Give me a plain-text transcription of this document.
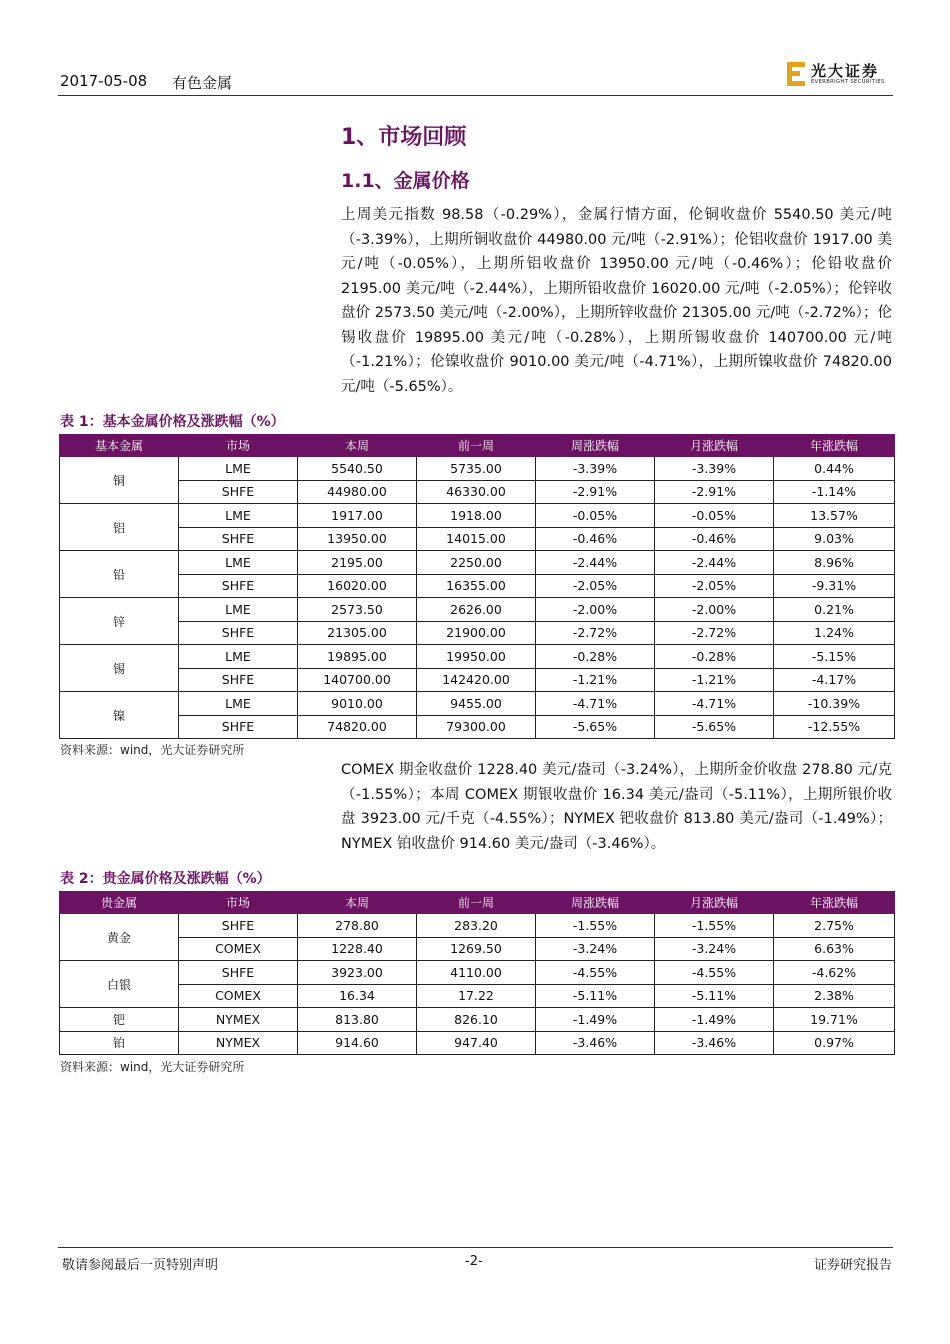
2017-05-08 有色金属
光大证券
EVERBRIGHT SECURITIES
1、市场回顾
1.1、金属价格
上周美元指数 98.58（-0.29%），金属行情方面，伦铜收盘价 5540.50 美元/吨（-3.39%），上期所铜收盘价 44980.00 元/吨（-2.91%）；伦铝收盘价 1917.00 美元/吨（-0.05%），上期所铝收盘价 13950.00 元/吨（-0.46%）；伦铅收盘价 2195.00 美元/吨（-2.44%），上期所铅收盘价 16020.00 元/吨（-2.05%）；伦锌收盘价 2573.50 美元/吨（-2.00%），上期所锌收盘价 21305.00 元/吨（-2.72%）；伦锡收盘价 19895.00 美元/吨（-0.28%），上期所锡收盘价 140700.00 元/吨（-1.21%）；伦镍收盘价 9010.00 美元/吨（-4.71%），上期所镍收盘价 74820.00 元/吨（-5.65%）。
表 1：基本金属价格及涨跌幅（%）
基本金属	市场	本周	前一周	周涨跌幅	月涨跌幅	年涨跌幅
铜	LME	5540.50	5735.00	-3.39%	-3.39%	0.44%
	SHFE	44980.00	46330.00	-2.91%	-2.91%	-1.14%
铝	LME	1917.00	1918.00	-0.05%	-0.05%	13.57%
	SHFE	13950.00	14015.00	-0.46%	-0.46%	9.03%
铅	LME	2195.00	2250.00	-2.44%	-2.44%	8.96%
	SHFE	16020.00	16355.00	-2.05%	-2.05%	-9.31%
锌	LME	2573.50	2626.00	-2.00%	-2.00%	0.21%
	SHFE	21305.00	21900.00	-2.72%	-2.72%	1.24%
锡	LME	19895.00	19950.00	-0.28%	-0.28%	-5.15%
	SHFE	140700.00	142420.00	-1.21%	-1.21%	-4.17%
镍	LME	9010.00	9455.00	-4.71%	-4.71%	-10.39%
	SHFE	74820.00	79300.00	-5.65%	-5.65%	-12.55%
资料来源：wind，光大证券研究所
COMEX 期金收盘价 1228.40 美元/盎司（-3.24%），上期所金价收盘 278.80 元/克（-1.55%）；本周 COMEX 期银收盘价 16.34 美元/盎司（-5.11%），上期所银价收盘 3923.00 元/千克（-4.55%）；NYMEX 钯收盘价 813.80 美元/盎司（-1.49%）；NYMEX 铂收盘价 914.60 美元/盎司（-3.46%）。
表 2：贵金属价格及涨跌幅（%）
贵金属	市场	本周	前一周	周涨跌幅	月涨跌幅	年涨跌幅
黄金	SHFE	278.80	283.20	-1.55%	-1.55%	2.75%
	COMEX	1228.40	1269.50	-3.24%	-3.24%	6.63%
白银	SHFE	3923.00	4110.00	-4.55%	-4.55%	-4.62%
	COMEX	16.34	17.22	-5.11%	-5.11%	2.38%
钯	NYMEX	813.80	826.10	-1.49%	-1.49%	19.71%
铂	NYMEX	914.60	947.40	-3.46%	-3.46%	0.97%
资料来源：wind，光大证券研究所
敬请参阅最后一页特别声明	-2-	证券研究报告
